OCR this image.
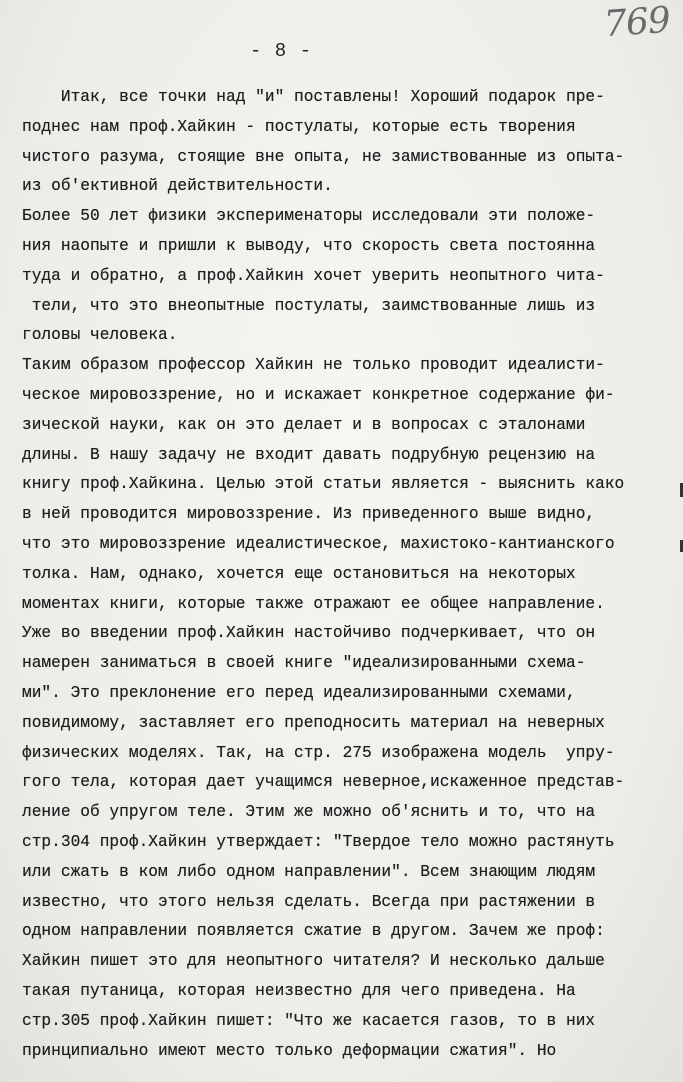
769
- 8 -
Итак, все точки над "и" поставлены! Хороший подарок пре-
поднес нам проф.Хайкин - постулаты, которые есть творения
чистого разума, стоящие вне опыта, не замиствованные из опыта-
из об'ективной действительности.
Более 50 лет физики эксперименаторы исследовали эти положе-
ния наопыте и пришли к выводу, что скорость света постоянна
туда и обратно, а проф.Хайкин хочет уверить неопытного чита-
тели, что это внеопытные постулаты, заимствованные лишь из
головы человека.
Таким образом профессор Хайкин не только проводит идеалисти-
ческое мировоззрение, но и искажает конкретное содержание фи-
зической науки, как он это делает и в вопросах с эталонами
длины. В нашу задачу не входит давать подрубную рецензию на
книгу проф.Хайкина. Целью этой статьи является - выяснить како
в ней проводится мировоззрение. Из приведенного выше видно,
что это мировоззрение идеалистическое, махистоко-кантианского
толка. Нам, однако, хочется еще остановиться на некоторых
моментах книги, которые также отражают ее общее направление.
Уже во введении проф.Хайкин настойчиво подчеркивает, что он
намерен заниматься в своей книге "идеализированными схема-
ми". Это преклонение его перед идеализированными схемами,
повидимому, заставляет его преподносить материал на неверных
физических моделях. Так, на стр. 275 изображена модель  упру-
гого тела, которая дает учащимся неверное,искаженное представ-
ление об упругом теле. Этим же можно об'яснить и то, что на
стр.304 проф.Хайкин утверждает: "Твердое тело можно растянуть
или сжать в ком либо одном направлении". Всем знающим людям
известно, что этого нельзя сделать. Всегда при растяжении в
одном направлении появляется сжатие в другом. Зачем же проф:
Хайкин пишет это для неопытного читателя? И несколько дальше
такая путаница, которая неизвестно для чего приведена. На
стр.305 проф.Хайкин пишет: "Что же касается газов, то в них
принципиально имеют место только деформации сжатия". Но
